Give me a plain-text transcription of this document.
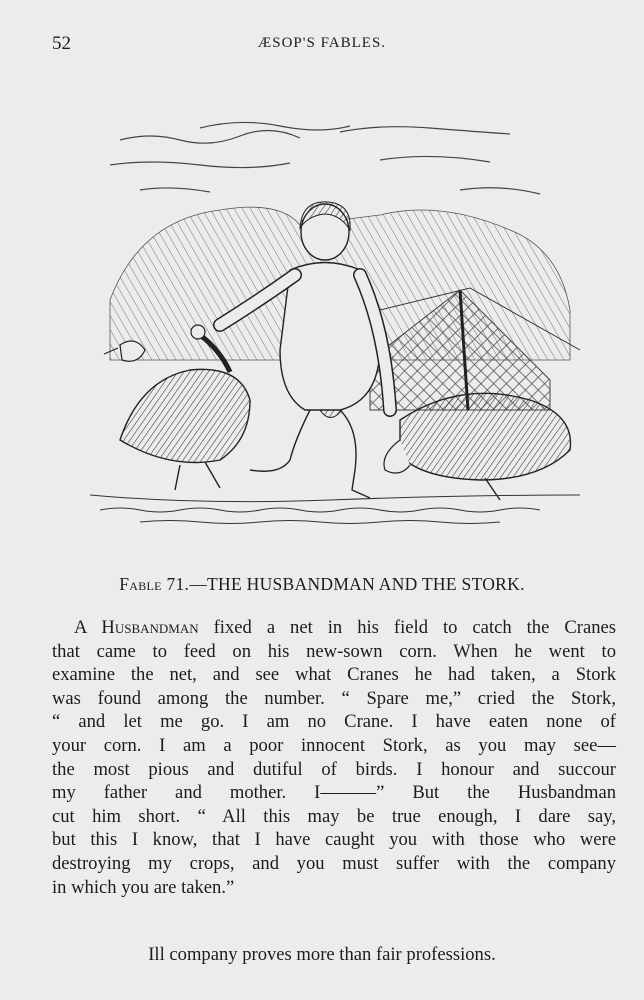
52	ÆSOP'S FABLES.
Fable 71.—THE HUSBANDMAN AND THE STORK.
A Husbandman fixed a net in his field to catch the Cranes
that came to feed on his new-sown corn. When he went to
examine the net, and see what Cranes he had taken, a Stork
was found among the number. “ Spare me,” cried the Stork,
“ and let me go. I am no Crane. I have eaten none of
your corn. I am a poor innocent Stork, as you may see—
the most pious and dutiful of birds. I honour and succour
my father and mother. I———” But the Husbandman
cut him short. “ All this may be true enough, I dare say,
but this I know, that I have caught you with those who were
destroying my crops, and you must suffer with the company
in which you are taken.”
Ill company proves more than fair professions.
